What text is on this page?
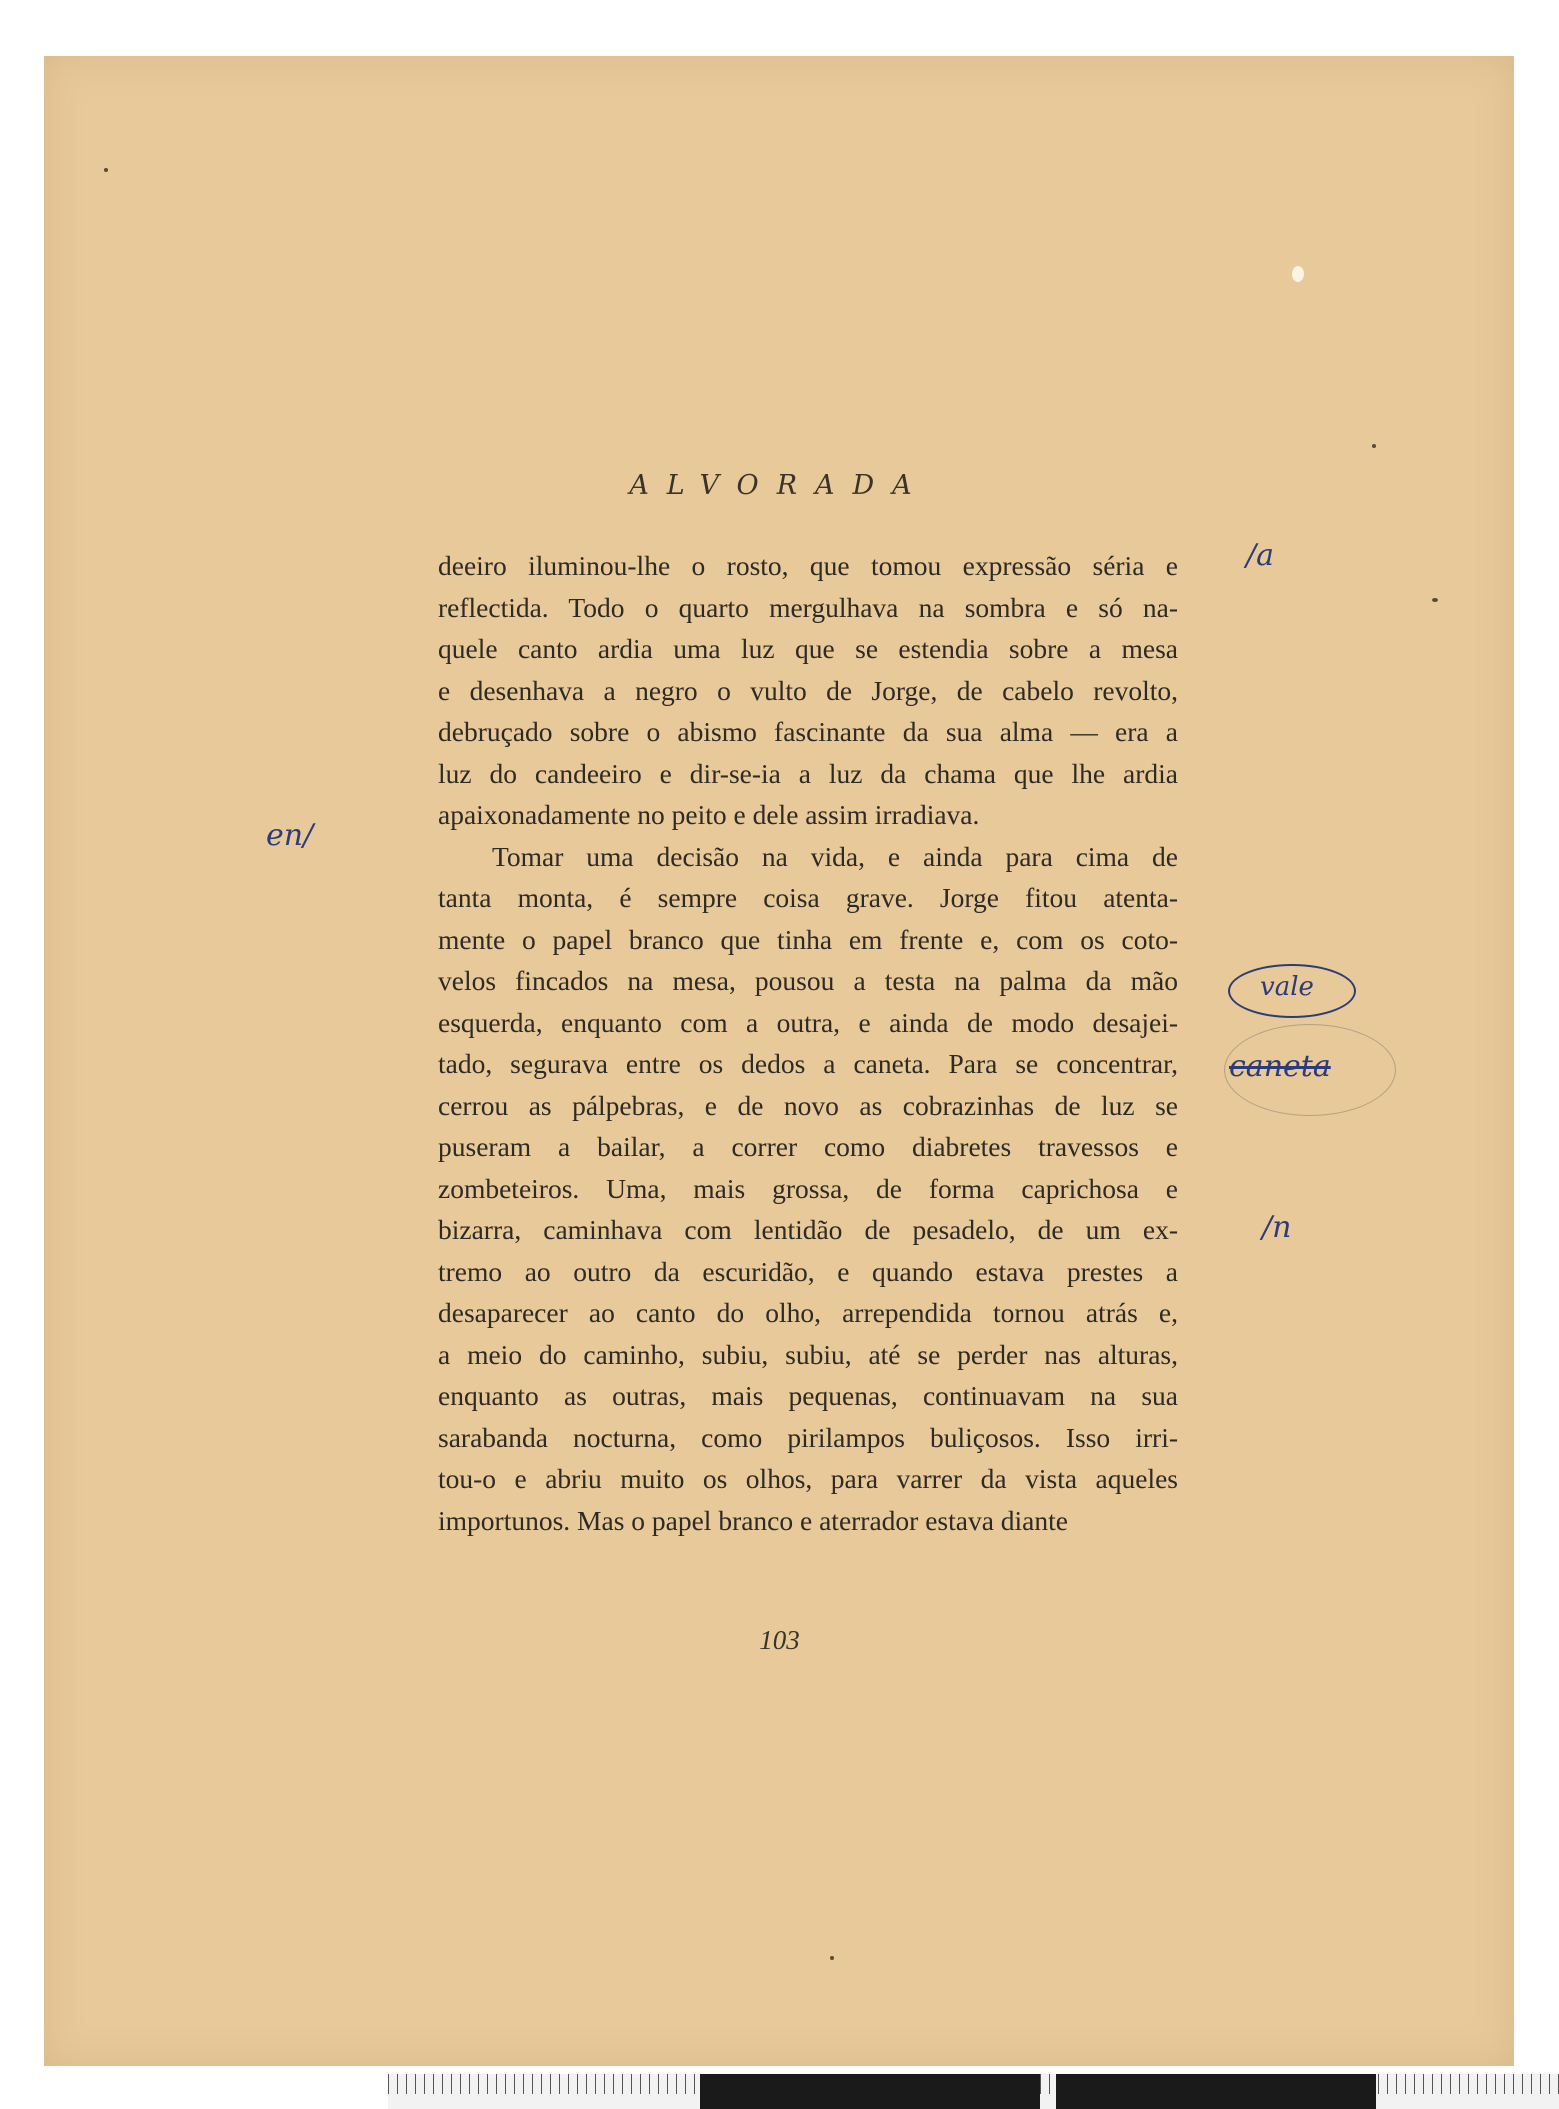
ALVORADA

deeiro iluminou-lhe o rosto, que tomou expressão séria e
reflectida. Todo o quarto mergulhava na sombra e só na-
quele canto ardia uma luz que se estendia sobre a mesa
e desenhava a negro o vulto de Jorge, de cabelo revolto,
debruçado sobre o abismo fascinante da sua alma — era a
luz do candeeiro e dir-se-ia a luz da chama que lhe ardia

apaixonadamente no peito e dele assim irradiava.

Tomar uma decisão na vida, e ainda para cima de
tanta monta, é sempre coisa grave. Jorge fitou atenta-
mente o papel branco que tinha em frente e, com os coto-
velos fincados na mesa, pousou a testa na palma da mão
esquerda, enquanto com a outra, e ainda de modo desajei-
tado, segurava entre os dedos a caneta. Para se concentrar,
cerrou as pálpebras, e de novo as cobrazinhas de luz se
puseram a bailar, a correr como diabretes travessos e
zombeteiros. Uma, mais grossa, de forma caprichosa e
bizarra, caminhava com lentidão de pesadelo, de um ex-
tremo ao outro da escuridão, e quando estava prestes a
desaparecer ao canto do olho, arrependida tornou atrás e,
a meio do caminho, subiu, subiu, até se perder nas alturas,
enquanto as outras, mais pequenas, continuavam na sua
sarabanda nocturna, como pirilampos buliçosos. Isso irri-
tou-o e abriu muito os olhos, para varrer da vista aqueles

importunos. Mas o papel branco e aterrador estava diante

103
/a
en/
vale
caneta
/n
